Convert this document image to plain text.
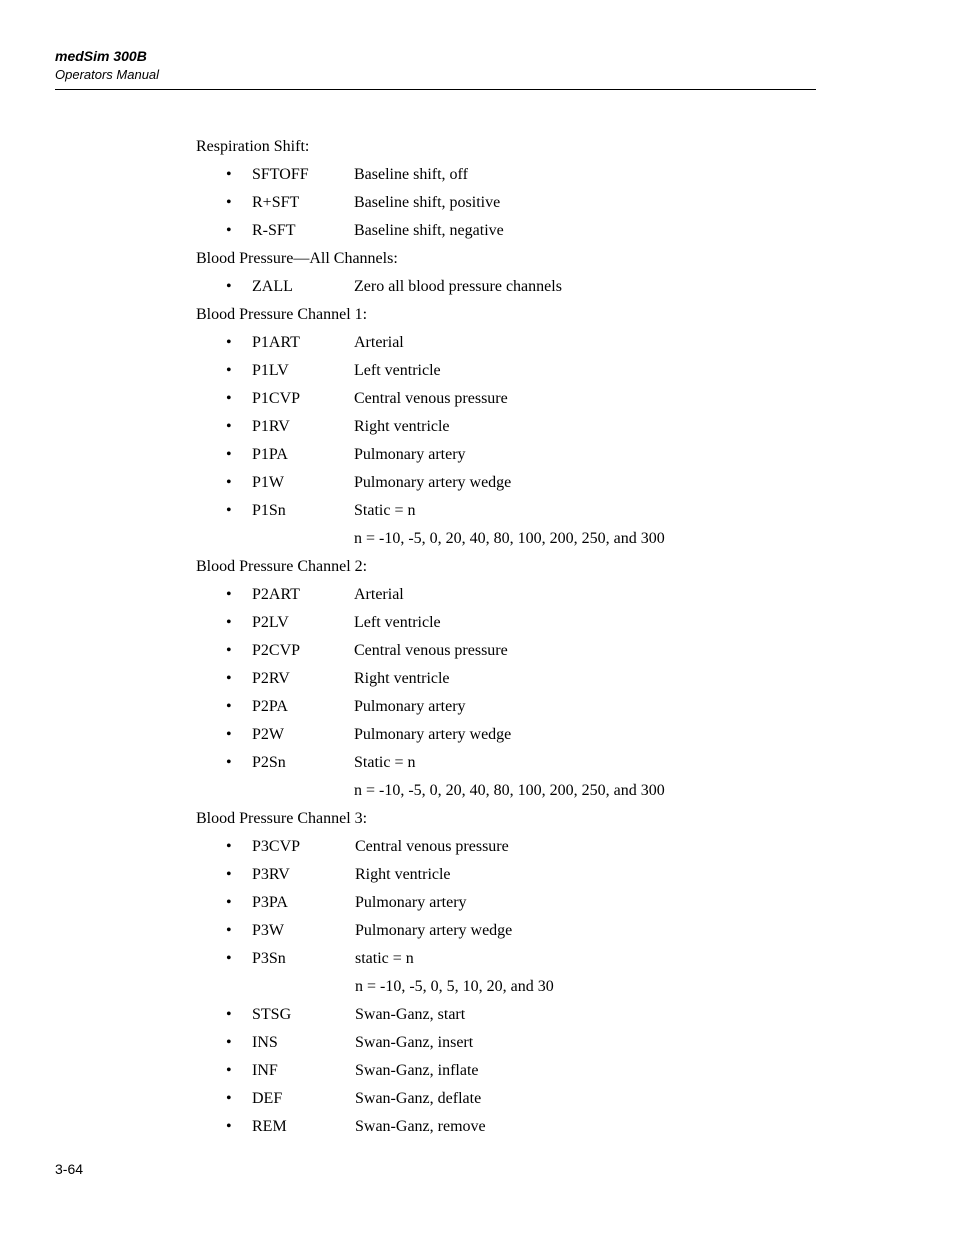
medSim 300B
Operators Manual
Respiration Shift:
• SFTOFF	Baseline shift, off
• R+SFT	Baseline shift, positive
• R-SFT	Baseline shift, negative
Blood Pressure—All Channels:
• ZALL	Zero all blood pressure channels
Blood Pressure Channel 1:
• P1ART	Arterial
• P1LV	Left ventricle
• P1CVP	Central venous pressure
• P1RV	Right ventricle
• P1PA	Pulmonary artery
• P1W	Pulmonary artery wedge
• P1Sn	Static = n
n = -10, -5, 0, 20, 40, 80, 100, 200, 250, and 300
Blood Pressure Channel 2:
• P2ART	Arterial
• P2LV	Left ventricle
• P2CVP	Central venous pressure
• P2RV	Right ventricle
• P2PA	Pulmonary artery
• P2W	Pulmonary artery wedge
• P2Sn	Static = n
n = -10, -5, 0, 20, 40, 80, 100, 200, 250, and 300
Blood Pressure Channel 3:
• P3CVP	Central venous pressure
• P3RV	Right ventricle
• P3PA	Pulmonary artery
• P3W	Pulmonary artery wedge
• P3Sn	static = n
n = -10, -5, 0, 5, 10, 20, and 30
• STSG	Swan-Ganz, start
• INS	Swan-Ganz, insert
• INF	Swan-Ganz, inflate
• DEF	Swan-Ganz, deflate
• REM	Swan-Ganz, remove
3-64
